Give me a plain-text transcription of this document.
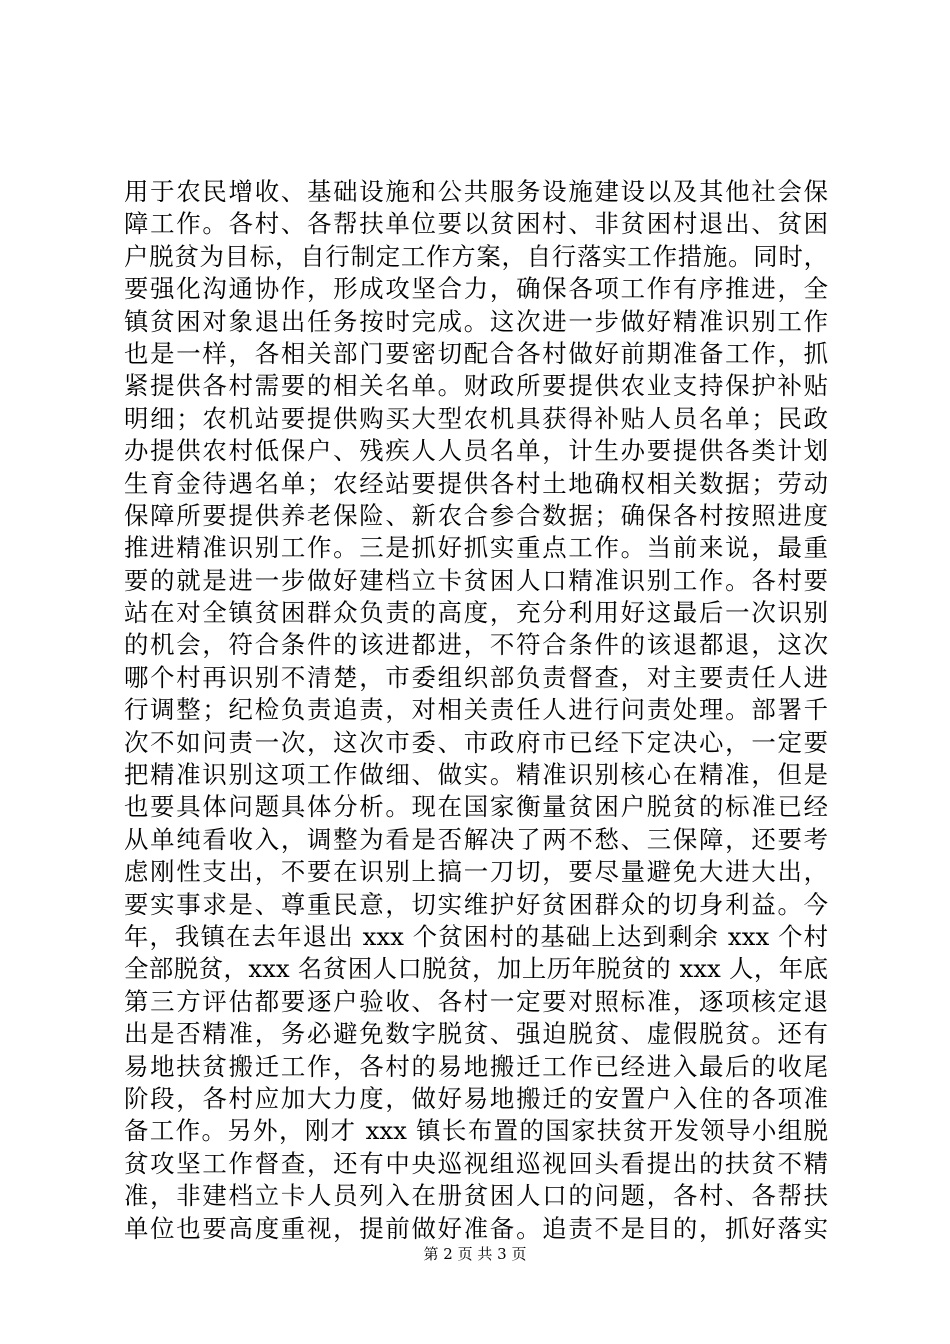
用于农民增收、基础设施和公共服务设施建设以及其他社会保
障工作。各村、各帮扶单位要以贫困村、非贫困村退出、贫困
户脱贫为目标，自行制定工作方案，自行落实工作措施。同时，
要强化沟通协作，形成攻坚合力，确保各项工作有序推进，全
镇贫困对象退出任务按时完成。这次进一步做好精准识别工作
也是一样，各相关部门要密切配合各村做好前期准备工作，抓
紧提供各村需要的相关名单。财政所要提供农业支持保护补贴
明细；农机站要提供购买大型农机具获得补贴人员名单；民政
办提供农村低保户、残疾人人员名单，计生办要提供各类计划
生育金待遇名单；农经站要提供各村土地确权相关数据；劳动
保障所要提供养老保险、新农合参合数据；确保各村按照进度
推进精准识别工作。三是抓好抓实重点工作。当前来说，最重
要的就是进一步做好建档立卡贫困人口精准识别工作。各村要
站在对全镇贫困群众负责的高度，充分利用好这最后一次识别
的机会，符合条件的该进都进，不符合条件的该退都退，这次
哪个村再识别不清楚，市委组织部负责督查，对主要责任人进
行调整；纪检负责追责，对相关责任人进行问责处理。部署千
次不如问责一次，这次市委、市政府市已经下定决心，一定要
把精准识别这项工作做细、做实。精准识别核心在精准，但是
也要具体问题具体分析。现在国家衡量贫困户脱贫的标准已经
从单纯看收入，调整为看是否解决了两不愁、三保障，还要考
虑刚性支出，不要在识别上搞一刀切，要尽量避免大进大出，
要实事求是、尊重民意，切实维护好贫困群众的切身利益。今
年，我镇在去年退出 xxx 个贫困村的基础上达到剩余 xxx 个村
全部脱贫，xxx 名贫困人口脱贫，加上历年脱贫的 xxx 人，年底
第三方评估都要逐户验收、各村一定要对照标准，逐项核定退
出是否精准，务必避免数字脱贫、强迫脱贫、虚假脱贫。还有
易地扶贫搬迁工作，各村的易地搬迁工作已经进入最后的收尾
阶段，各村应加大力度，做好易地搬迁的安置户入住的各项准
备工作。另外，刚才 xxx 镇长布置的国家扶贫开发领导小组脱
贫攻坚工作督查，还有中央巡视组巡视回头看提出的扶贫不精
准，非建档立卡人员列入在册贫困人口的问题，各村、各帮扶
单位也要高度重视，提前做好准备。追责不是目的，抓好落实
第 2 页 共 3 页
